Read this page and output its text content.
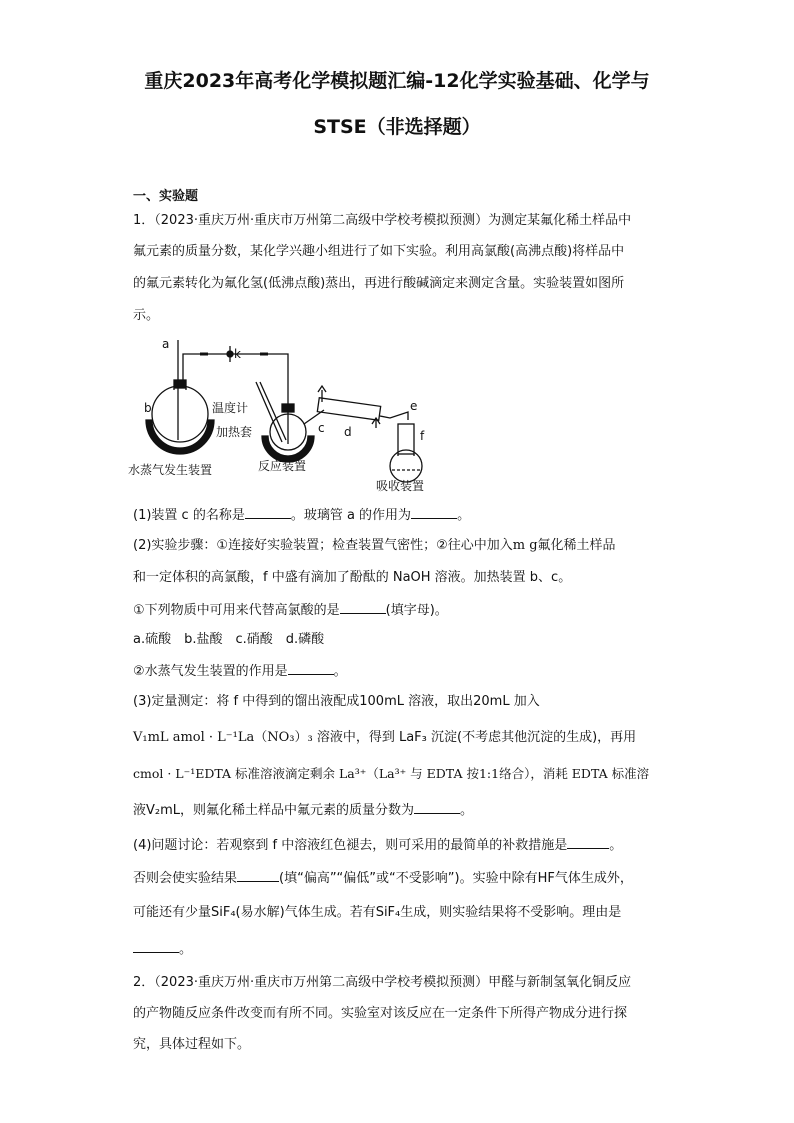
重庆2023年高考化学模拟题汇编-12化学实验基础、化学与
STSE（非选择题）

一、实验题

1．（2023·重庆万州·重庆市万州第二高级中学校考模拟预测）为测定某氟化稀土样品中

氟元素的质量分数，某化学兴趣小组进行了如下实验。利用高氯酸(高沸点酸)将样品中

的氟元素转化为氟化氢(低沸点酸)蒸出，再进行酸碱滴定来测定含量。实验装置如图所

示。

a
b
k
温度计
加热套	c d
e
f
水蒸气发生装置	反应装置
吸收装置

(1)装置 c 的名称是	。玻璃管 a 的作用为	。

(2)实验步骤：①连接好实验装置；检查装置气密性；②往心中加入m g氟化稀土样品

和一定体积的高氯酸，f 中盛有滴加了酚酞的 NaOH 溶液。加热装置 b、c。

①下列物质中可用来代替高氯酸的是	(填字母)。

a.硫酸　b.盐酸　c.硝酸　d.磷酸

②水蒸气发生装置的作用是	。

(3)定量测定：将 f 中得到的馏出液配成100mL 溶液，取出20mL 加入

V₁mL amol · L⁻¹La（NO₃）₃ 溶液中，得到 LaF₃ 沉淀(不考虑其他沉淀的生成)，再用

cmol · L⁻¹EDTA 标准溶液滴定剩余 La³⁺（La³⁺ 与 EDTA 按1:1络合），消耗 EDTA 标准溶

液V₂mL，则氟化稀土样品中氟元素的质量分数为	。

(4)问题讨论：若观察到 f 中溶液红色褪去，则可采用的最简单的补救措施是	。

否则会使实验结果	(填“偏高”“偏低”或“不受影响”)。实验中除有HF气体生成外，

可能还有少量SiF₄(易水解)气体生成。若有SiF₄生成，则实验结果将不受影响。理由是

。

2．（2023·重庆万州·重庆市万州第二高级中学校考模拟预测）甲醛与新制氢氧化铜反应

的产物随反应条件改变而有所不同。实验室对该反应在一定条件下所得产物成分进行探

究，具体过程如下。
